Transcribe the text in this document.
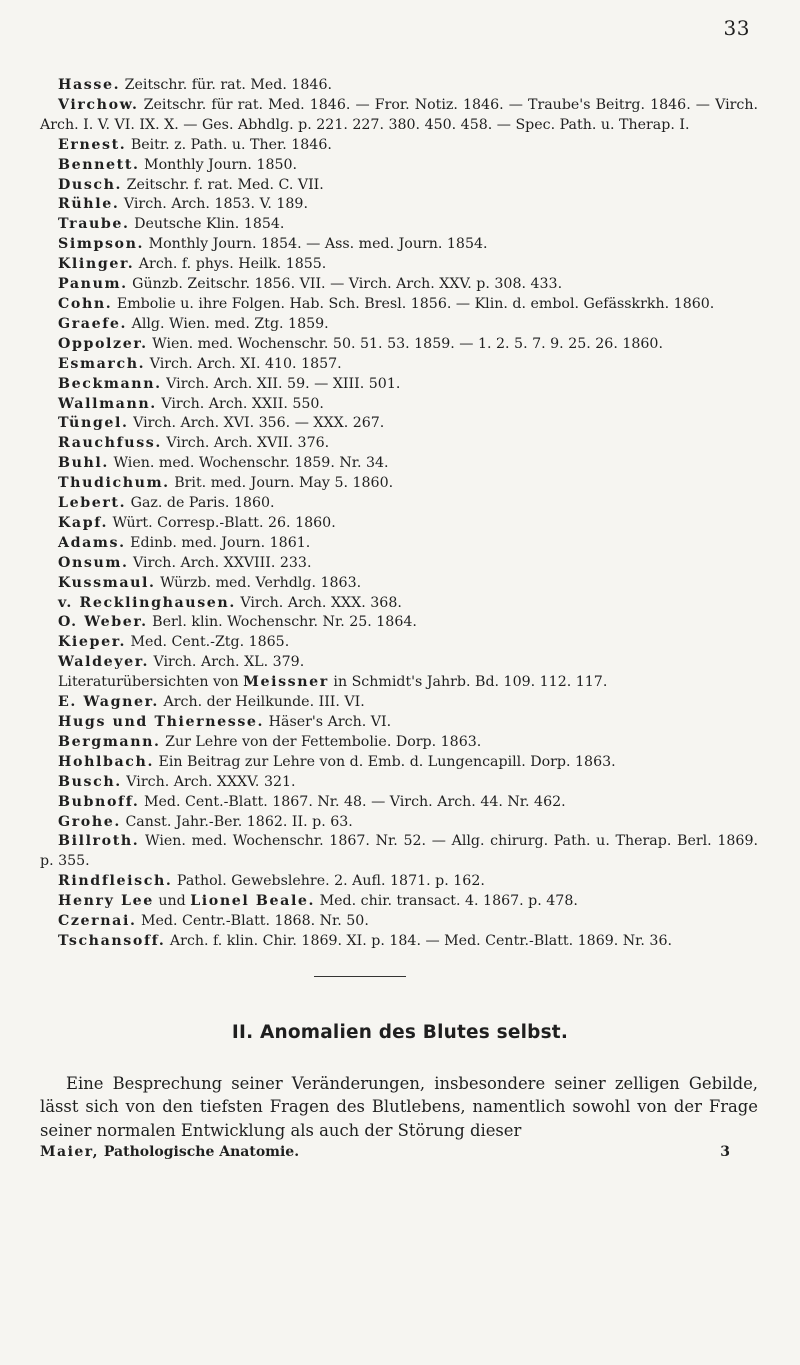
33

Hasse. Zeitschr. für. rat. Med. 1846.

Virchow. Zeitschr. für rat. Med. 1846. — Fror. Notiz. 1846. — Traube's Beitrg. 1846. — Virch. Arch. I. V. VI. IX. X. — Ges. Abhdlg. p. 221. 227. 380. 450. 458. — Spec. Path. u. Therap. I.

Ernest. Beitr. z. Path. u. Ther. 1846.

Bennett. Monthly Journ. 1850.

Dusch. Zeitschr. f. rat. Med. C. VII.

Rühle. Virch. Arch. 1853. V. 189.

Traube. Deutsche Klin. 1854.

Simpson. Monthly Journ. 1854. — Ass. med. Journ. 1854.

Klinger. Arch. f. phys. Heilk. 1855.

Panum. Günzb. Zeitschr. 1856. VII. — Virch. Arch. XXV. p. 308. 433.

Cohn. Embolie u. ihre Folgen. Hab. Sch. Bresl. 1856. — Klin. d. embol. Gefässkrkh. 1860.

Graefe. Allg. Wien. med. Ztg. 1859.

Oppolzer. Wien. med. Wochenschr. 50. 51. 53. 1859. — 1. 2. 5. 7. 9. 25. 26. 1860.

Esmarch. Virch. Arch. XI. 410. 1857.

Beckmann. Virch. Arch. XII. 59. — XIII. 501.

Wallmann. Virch. Arch. XXII. 550.

Tüngel. Virch. Arch. XVI. 356. — XXX. 267.

Rauchfuss. Virch. Arch. XVII. 376.

Buhl. Wien. med. Wochenschr. 1859. Nr. 34.

Thudichum. Brit. med. Journ. May 5. 1860.

Lebert. Gaz. de Paris. 1860.

Kapf. Würt. Corresp.-Blatt. 26. 1860.

Adams. Edinb. med. Journ. 1861.

Onsum. Virch. Arch. XXVIII. 233.

Kussmaul. Würzb. med. Verhdlg. 1863.

v. Recklinghausen. Virch. Arch. XXX. 368.

O. Weber. Berl. klin. Wochenschr. Nr. 25. 1864.

Kieper. Med. Cent.-Ztg. 1865.

Waldeyer. Virch. Arch. XL. 379.

Literaturübersichten von Meissner in Schmidt's Jahrb. Bd. 109. 112. 117.

E. Wagner. Arch. der Heilkunde. III. VI.

Hugs und Thiernesse. Häser's Arch. VI.

Bergmann. Zur Lehre von der Fettembolie. Dorp. 1863.

Hohlbach. Ein Beitrag zur Lehre von d. Emb. d. Lungencapill. Dorp. 1863.

Busch. Virch. Arch. XXXV. 321.

Bubnoff. Med. Cent.-Blatt. 1867. Nr. 48. — Virch. Arch. 44. Nr. 462.

Grohe. Canst. Jahr.-Ber. 1862. II. p. 63.

Billroth. Wien. med. Wochenschr. 1867. Nr. 52. — Allg. chirurg. Path. u. Therap. Berl. 1869. p. 355.

Rindfleisch. Pathol. Gewebslehre. 2. Aufl. 1871. p. 162.

Henry Lee und Lionel Beale. Med. chir. transact. 4. 1867. p. 478.

Czernai. Med. Centr.-Blatt. 1868. Nr. 50.

Tschansoff. Arch. f. klin. Chir. 1869. XI. p. 184. — Med. Centr.-Blatt. 1869. Nr. 36.

II. Anomalien des Blutes selbst.

Eine Besprechung seiner Veränderungen, insbesondere seiner zelligen Gebilde, lässt sich von den tiefsten Fragen des Blutlebens, namentlich sowohl von der Frage seiner normalen Entwicklung als auch der Störung dieser

Maier, Pathologische Anatomie.	3
